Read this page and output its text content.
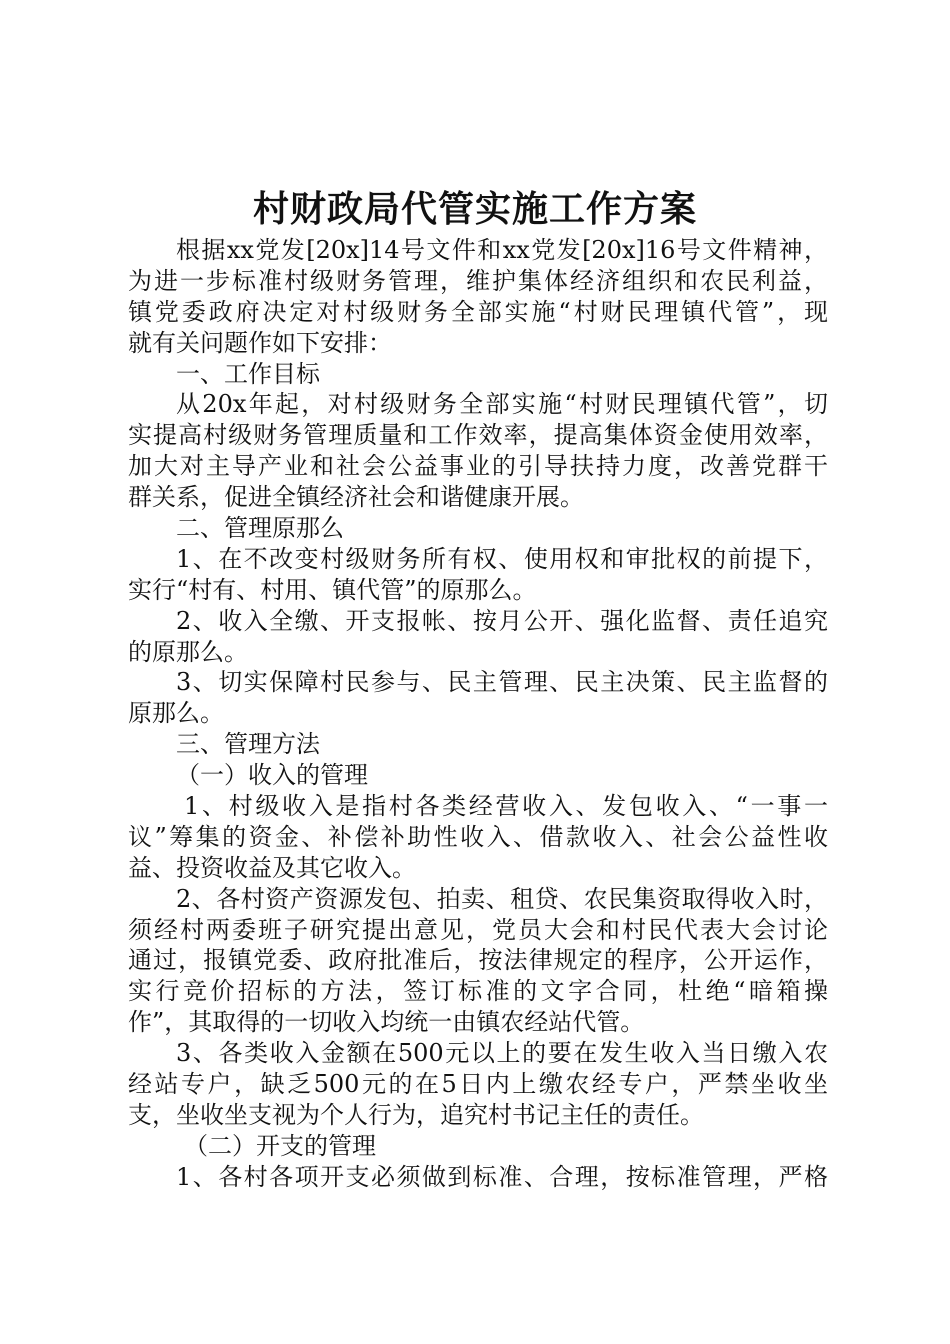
村财政局代管实施工作方案
根据xx党发[20x]14号文件和xx党发[20x]16号文件精神，
为进一步标准村级财务管理，维护集体经济组织和农民利益，
镇党委政府决定对村级财务全部实施“村财民理镇代管”，现
就有关问题作如下安排：
一、工作目标
从20x年起，对村级财务全部实施“村财民理镇代管”，切
实提高村级财务管理质量和工作效率，提高集体资金使用效率，
加大对主导产业和社会公益事业的引导扶持力度，改善党群干
群关系，促进全镇经济社会和谐健康开展。
二、管理原那么
1、在不改变村级财务所有权、使用权和审批权的前提下，
实行“村有、村用、镇代管”的原那么。
2、收入全缴、开支报帐、按月公开、强化监督、责任追究
的原那么。
3、切实保障村民参与、民主管理、民主决策、民主监督的
原那么。
三、管理方法
（一）收入的管理
1、村级收入是指村各类经营收入、发包收入、“一事一
议”筹集的资金、补偿补助性收入、借款收入、社会公益性收
益、投资收益及其它收入。
2、各村资产资源发包、拍卖、租贷、农民集资取得收入时，
须经村两委班子研究提出意见，党员大会和村民代表大会讨论
通过，报镇党委、政府批准后，按法律规定的程序，公开运作，
实行竞价招标的方法，签订标准的文字合同，杜绝“暗箱操
作”，其取得的一切收入均统一由镇农经站代管。
3、各类收入金额在500元以上的要在发生收入当日缴入农
经站专户，缺乏500元的在5日内上缴农经专户，严禁坐收坐
支，坐收坐支视为个人行为，追究村书记主任的责任。
（二）开支的管理
1、各村各项开支必须做到标准、合理，按标准管理，严格
